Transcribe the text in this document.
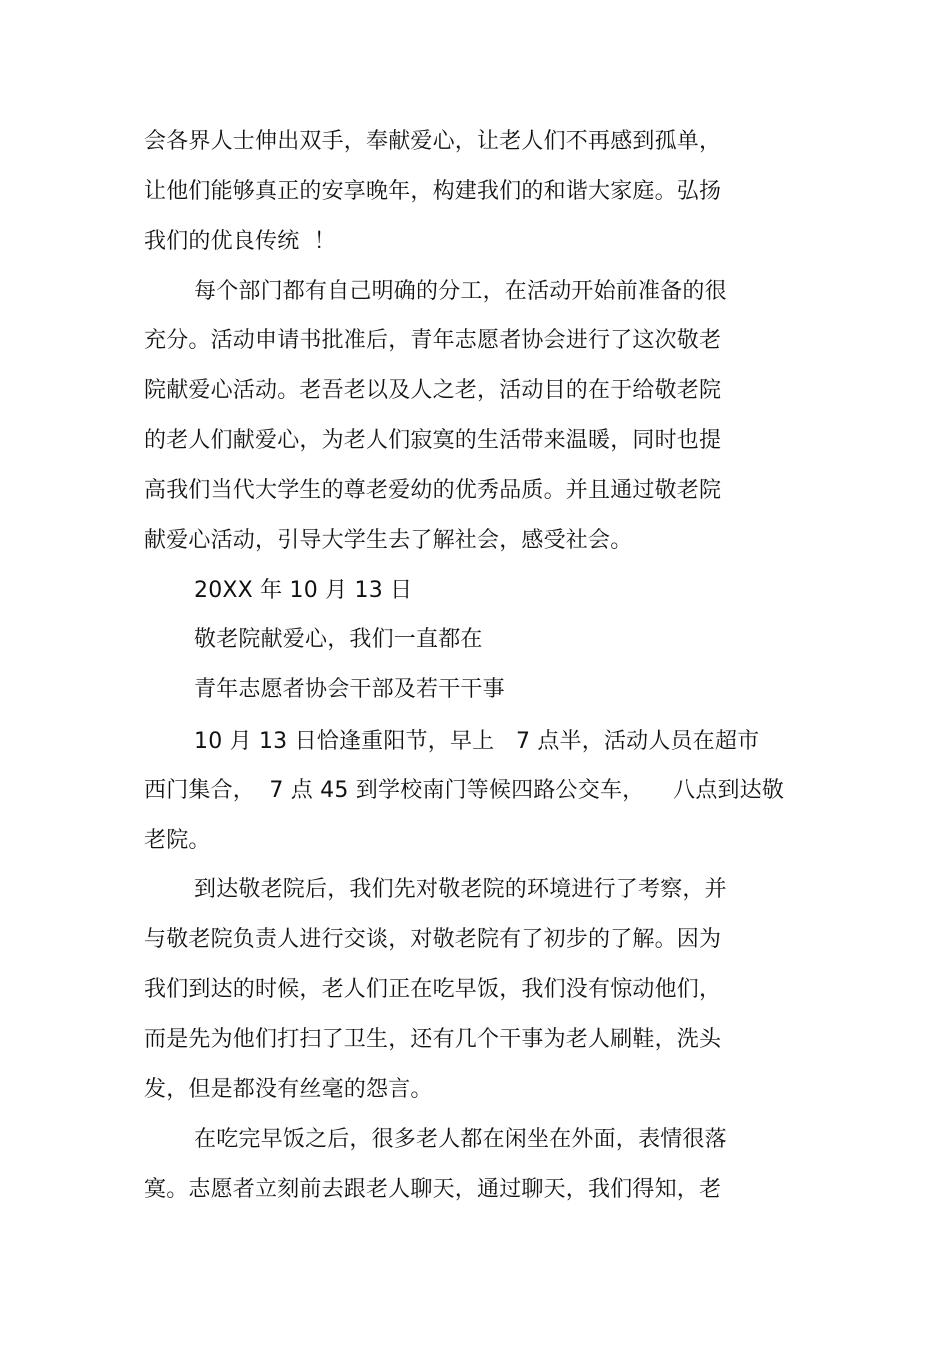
会各界人士伸出双手，奉献爱心，让老人们不再感到孤单，
让他们能够真正的安享晚年，构建我们的和谐大家庭。弘扬
我们的优良传统  ！
每个部门都有自己明确的分工，在活动开始前准备的很
充分。活动申请书批准后，青年志愿者协会进行了这次敬老
院献爱心活动。老吾老以及人之老，活动目的在于给敬老院
的老人们献爱心，为老人们寂寞的生活带来温暖，同时也提
高我们当代大学生的尊老爱幼的优秀品质。并且通过敬老院
献爱心活动，引导大学生去了解社会，感受社会。
20XX 年 10 月 13 日
敬老院献爱心，我们一直都在
青年志愿者协会干部及若干干事
10 月 13 日恰逢重阳节，早上   7 点半，活动人员在超市
西门集合，  7 点 45 到学校南门等候四路公交车，    八点到达敬
老院。
到达敬老院后，我们先对敬老院的环境进行了考察，并
与敬老院负责人进行交谈，对敬老院有了初步的了解。因为
我们到达的时候，老人们正在吃早饭，我们没有惊动他们，
而是先为他们打扫了卫生，还有几个干事为老人刷鞋，洗头
发，但是都没有丝毫的怨言。
在吃完早饭之后，很多老人都在闲坐在外面，表情很落
寞。志愿者立刻前去跟老人聊天，通过聊天，我们得知，老
